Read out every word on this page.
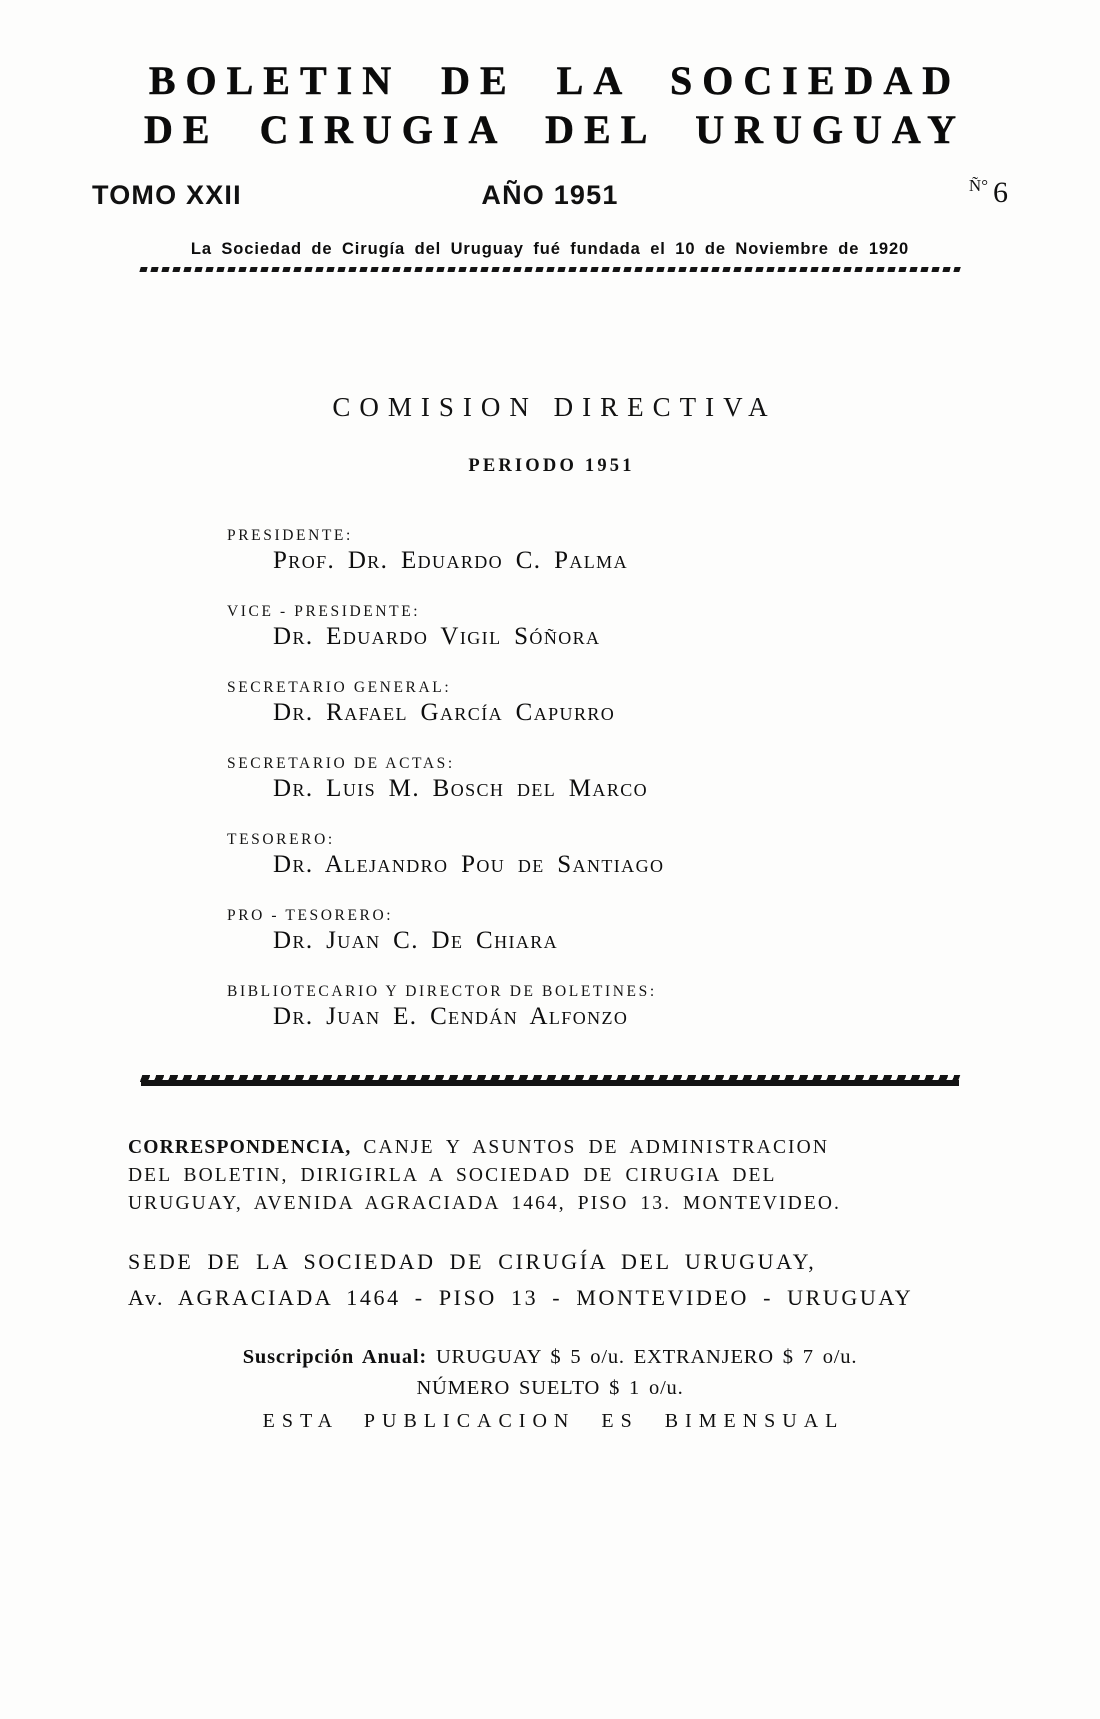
BOLETIN  DE  LA  SOCIEDAD
DE  CIRUGIA  DEL  URUGUAY
TOMO XXII	AÑO 1951	$^{Ñ^\circ}$ 6
La Sociedad de Cirugía del Uruguay fué fundada el 10 de Noviembre de 1920
COMISION DIRECTIVA
PERIODO 1951
PRESIDENTE:
Prof. Dr. Eduardo C. Palma
VICE - PRESIDENTE:
Dr. Eduardo Vigil Sóñora
SECRETARIO GENERAL:
Dr. Rafael García Capurro
SECRETARIO DE ACTAS:
Dr. Luis M. Bosch del Marco
TESORERO:
Dr. Alejandro Pou de Santiago
PRO - TESORERO:
Dr. Juan C. De Chiara
BIBLIOTECARIO Y DIRECTOR DE BOLETINES:
Dr. Juan E. Cendán Alfonzo
CORRESPONDENCIA, CANJE Y ASUNTOS DE ADMINISTRACION
DEL BOLETIN, DIRIGIRLA A SOCIEDAD DE CIRUGIA DEL
URUGUAY, AVENIDA AGRACIADA 1464, PISO 13. MONTEVIDEO.
SEDE DE LA SOCIEDAD DE CIRUGÍA DEL URUGUAY,
Av. AGRACIADA 1464 - PISO 13 - MONTEVIDEO - URUGUAY
Suscripción Anual: URUGUAY $ 5 o/u. EXTRANJERO $ 7 o/u.
NÚMERO SUELTO $ 1 o/u.
ESTA PUBLICACION ES BIMENSUAL
